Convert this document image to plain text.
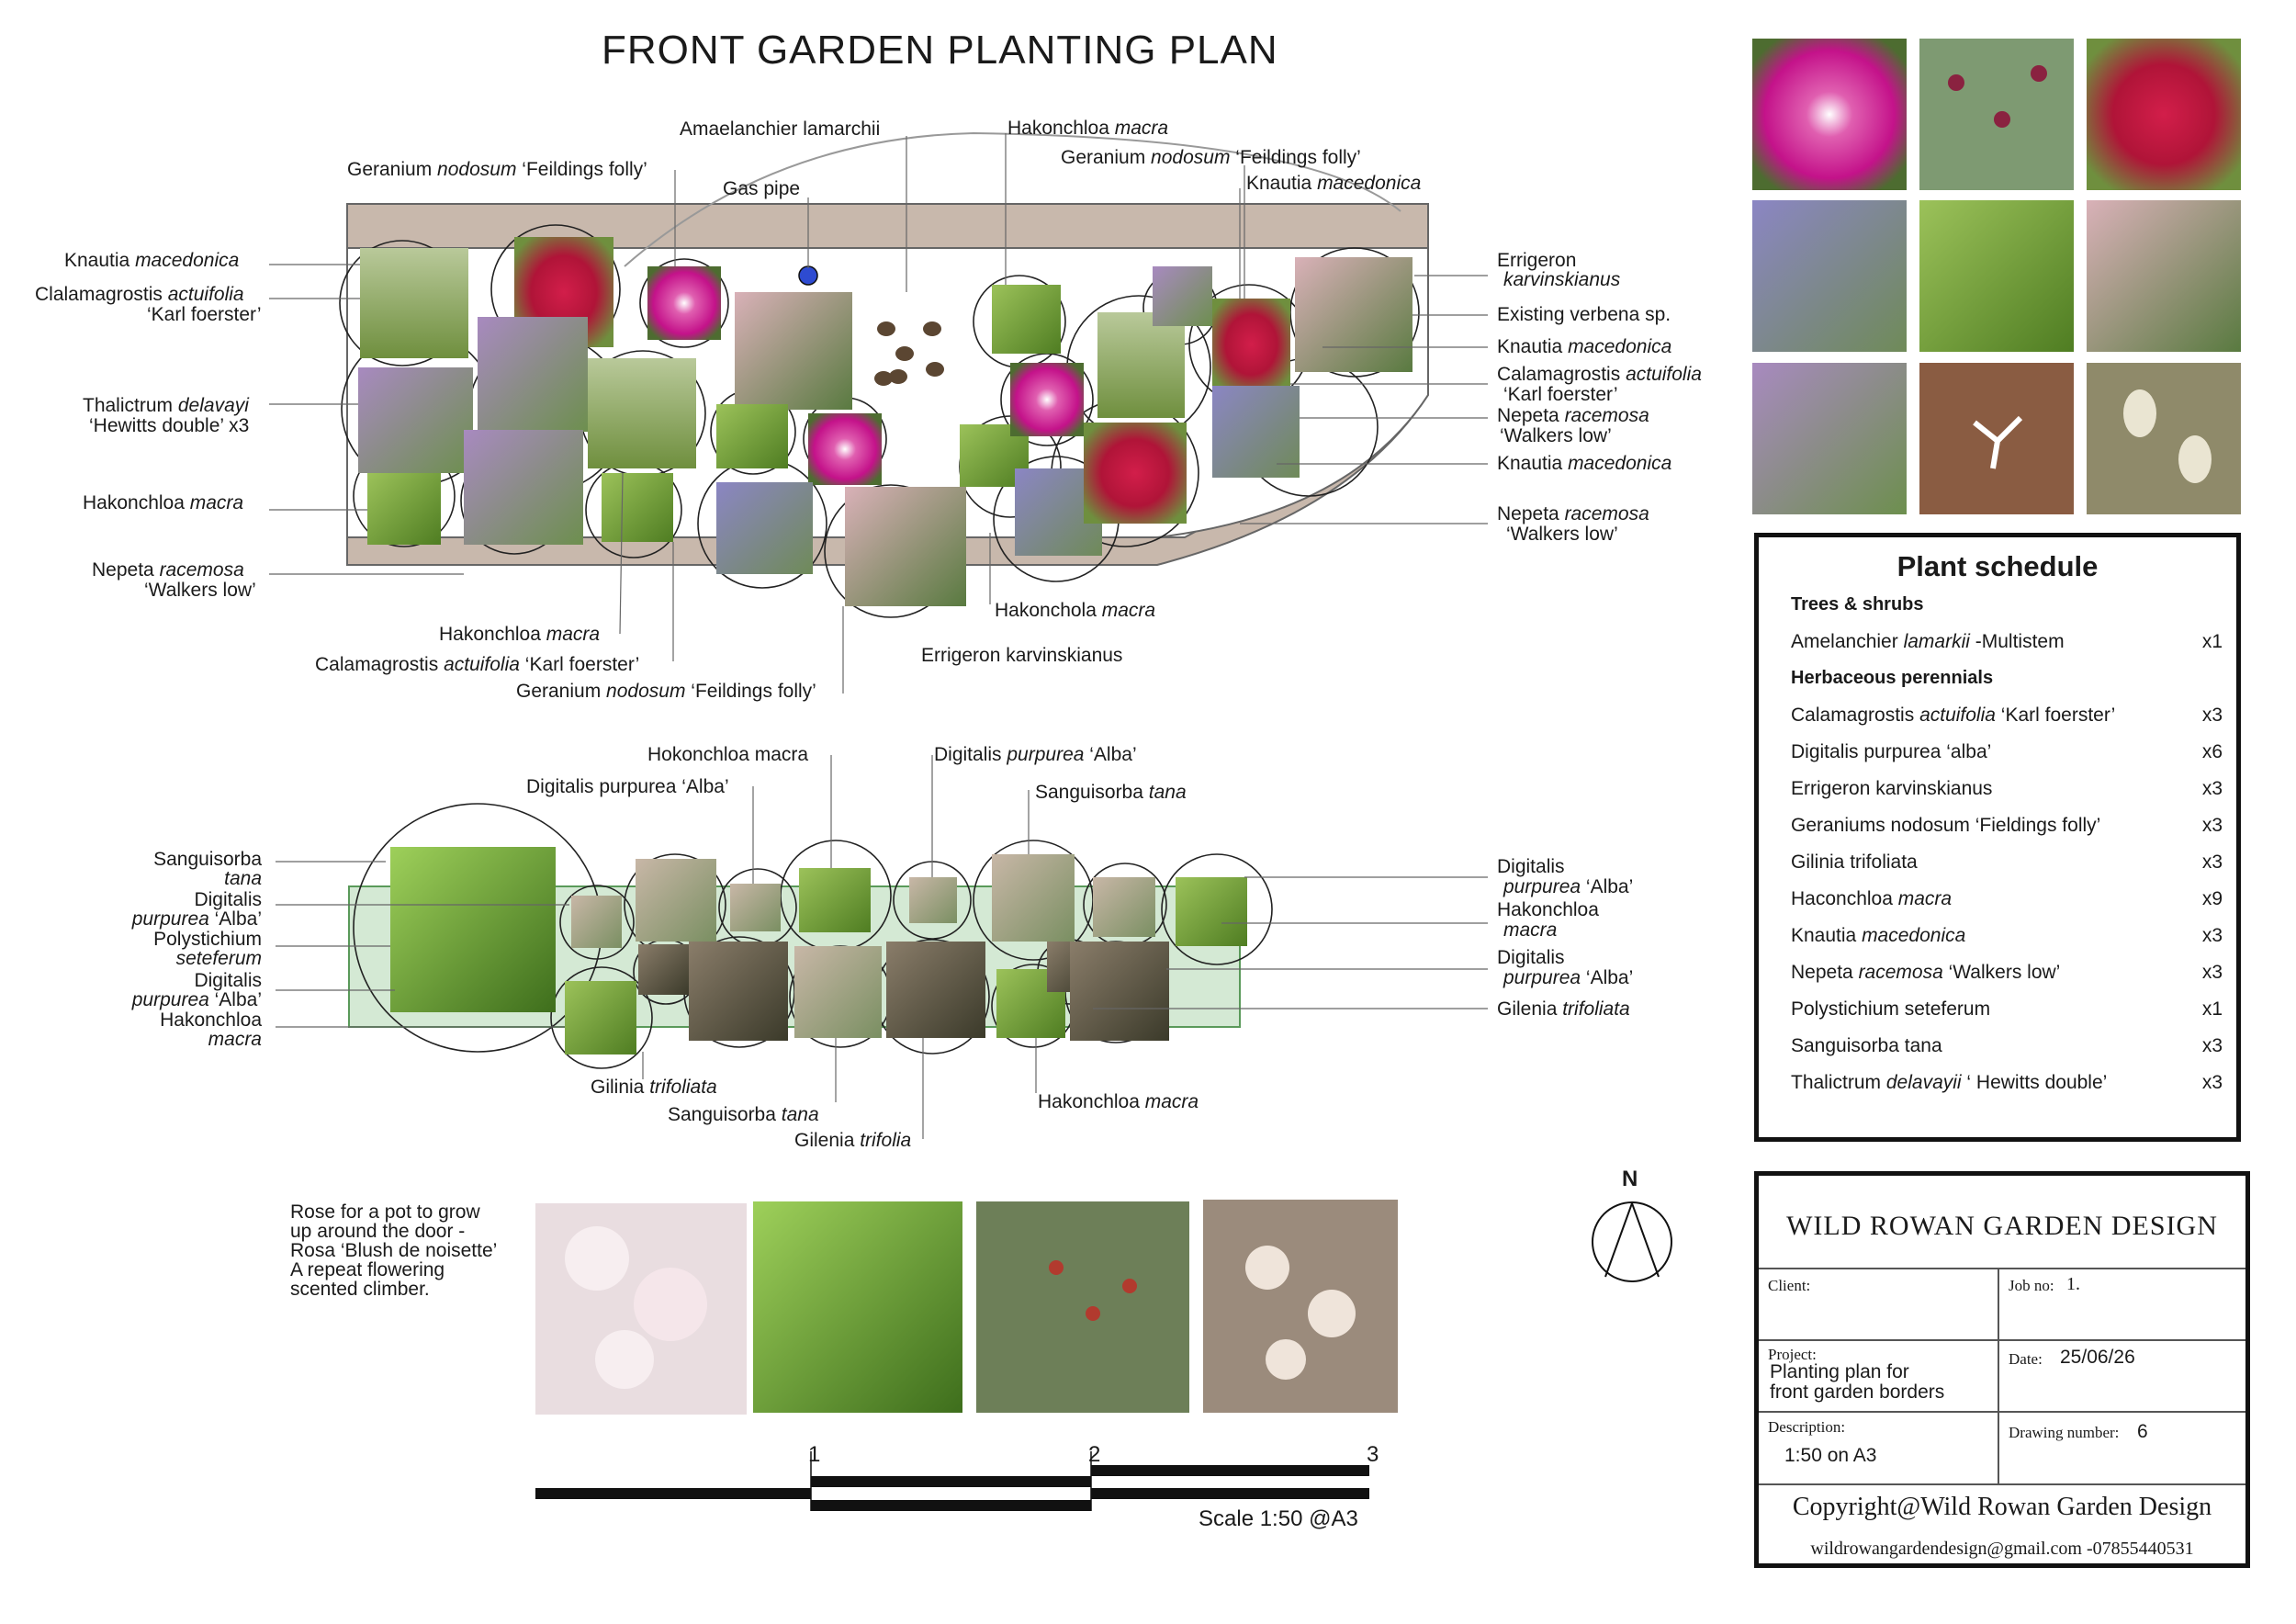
FRONT GARDEN PLANTING PLAN
Amaelanchier lamarchii
Gas pipe
Geranium nodosum ‘Feildings folly’
Hakonchloa macra
Geranium nodosum ‘Feildings folly’
Knautia macedonica
Knautia macedonica
Clalamagrostis actuifolia
‘Karl foerster’
Thalictrum delavayi
‘Hewitts double’ x3
Hakonchloa macra
Nepeta racemosa
‘Walkers low’
Hakonchloa macra
Calamagrostis actuifolia ‘Karl foerster’
Geranium nodosum ‘Feildings folly’
Errigeron karvinskianus
Hakonchola macra
Errigeron
karvinskianus
Existing verbena sp.
Knautia macedonica
Calamagrostis actuifolia
‘Karl foerster’
Nepeta racemosa
‘Walkers low’
Knautia macedonica
Nepeta racemosa
‘Walkers low’
Hokonchloa macra
Digitalis purpurea ‘Alba’
Digitalis purpurea ‘Alba’
Sanguisorba tana
Sanguisorba
tana
Digitalis
purpurea ‘Alba’
Polystichium
seteferum
Digitalis
purpurea ‘Alba’
Hakonchloa
macra
Digitalis
purpurea ‘Alba’
Hakonchloa
macra
Digitalis
purpurea ‘Alba’
Gilenia trifoliata
Gilinia trifoliata
Sanguisorba tana
Gilenia trifolia
Hakonchloa macra
Rose for a pot to grow
up around the door -
Rosa ‘Blush de noisette’
A repeat flowering
scented climber.
N
1	2	3
Scale 1:50 @A3
Plant schedule
Trees & shrubs
Amelanchier lamarkii -Multistem	x1
Herbaceous perennials
Calamagrostis actuifolia ‘Karl foerster’	x3
Digitalis purpurea ‘alba’	x6
Errigeron karvinskianus	x3
Geraniums nodosum ‘Fieldings folly’	x3
Gilinia trifoliata	x3
Haconchloa macra	x9
Knautia macedonica	x3
Nepeta racemosa ‘Walkers low’	x3
Polystichium seteferum	x1
Sanguisorba tana	x3
Thalictrum delavayii ‘ Hewitts double’	x3
WILD ROWAN GARDEN DESIGN
Client:	Job no: 1.
Project:
Planting plan for
front garden borders
Date: 25/06/26
Description:
1:50 on A3
Drawing number: 6
Copyright@Wild Rowan Garden Design
wildrowangardendesign@gmail.com -07855440531
